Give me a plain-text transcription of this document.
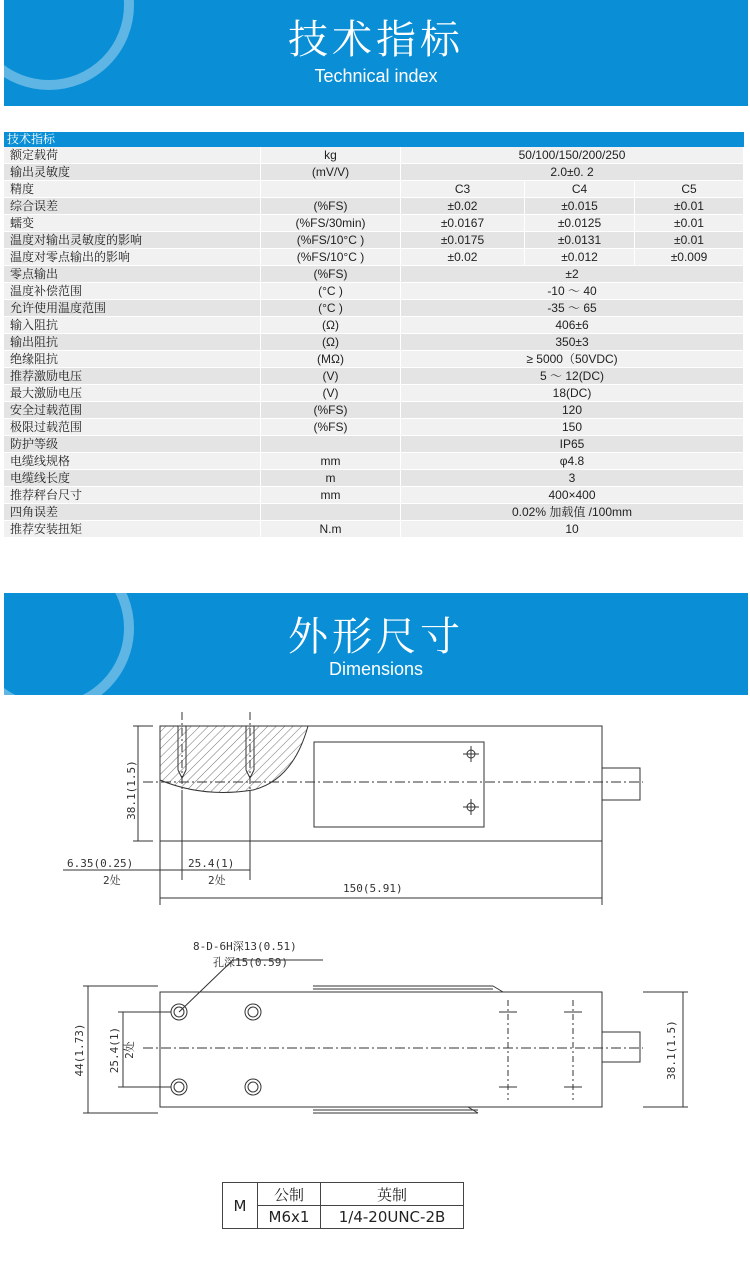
技术指标
Technical index
技术指标
额定载荷	kg	50/100/150/200/250		
输出灵敏度	(mV/V)	2.0±0. 2		
精度		C3	C4	C5
综合误差	(%FS)	±0.02	±0.015	±0.01
蠕变	(%FS/30min)	±0.0167	±0.0125	±0.01
温度对输出灵敏度的影响	(%FS/10°C )	±0.0175	±0.0131	±0.01
温度对零点输出的影响	(%FS/10°C )	±0.02	±0.012	±0.009
零点输出	(%FS)	±2		
温度补偿范围	(°C )	-10 ～ 40		
允许使用温度范围	(°C )	-35 ～ 65		
输入阻抗	(Ω)	406±6		
输出阻抗	(Ω)	350±3		
绝缘阻抗	(MΩ)	≥ 5000（50VDC)		
推荐激励电压	(V)	5 ～ 12(DC)		
最大激励电压	(V)	18(DC)		
安全过载范围	(%FS)	120		
极限过载范围	(%FS)	150		
防护等级		IP65		
电缆线规格	mm	φ4.8		
电缆线长度	m	3		
推荐秤台尺寸	mm	400×400		
四角误差		0.02% 加载值 /100mm		
推荐安装扭矩	N.m	10		
外形尺寸
Dimensions
38.1(1.5)
6.35(0.25)
2处
25.4(1)
2处
150(5.91)
8-D-6H深13(0.51)
孔深15(0.59)
44(1.73) 25.4(1) 2处	38.1(1.5)
M	公制	英制
	M6x1	1/4-20UNC-2B
